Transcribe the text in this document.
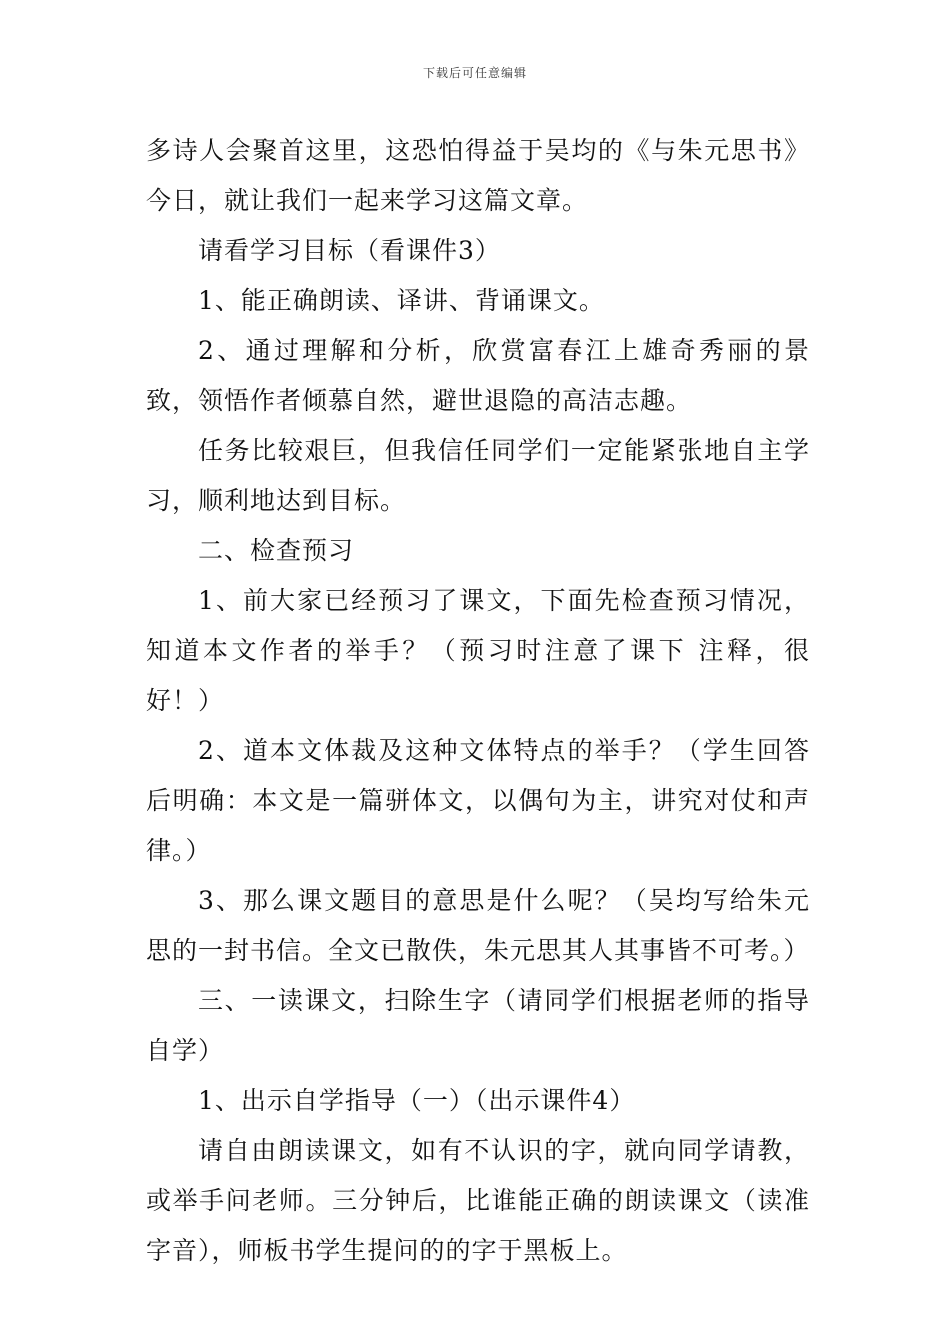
下载后可任意编辑

多诗人会聚首这里，这恐怕得益于吴均的《与朱元思书》今日，就让我们一起来学习这篇文章。

请看学习目标（看课件3）

1、能正确朗读、译讲、背诵课文。

2、通过理解和分析，欣赏富春江上雄奇秀丽的景致，领悟作者倾慕自然，避世退隐的高洁志趣。

任务比较艰巨，但我信任同学们一定能紧张地自主学习，顺利地达到目标。

二、检查预习

1、前大家已经预习了课文，下面先检查预习情况，知道本文作者的举手？（预习时注意了课下 注释，很好！）

2、道本文体裁及这种文体特点的举手？（学生回答后明确：本文是一篇骈体文，以偶句为主，讲究对仗和声律。）

3、那么课文题目的意思是什么呢？（吴均写给朱元思的一封书信。全文已散佚，朱元思其人其事皆不可考。）

三、一读课文，扫除生字（请同学们根据老师的指导自学）

1、出示自学指导（一）（出示课件4）

请自由朗读课文，如有不认识的字，就向同学请教，或举手问老师。三分钟后，比谁能正确的朗读课文（读准字音），师板书学生提问的的字于黑板上。
